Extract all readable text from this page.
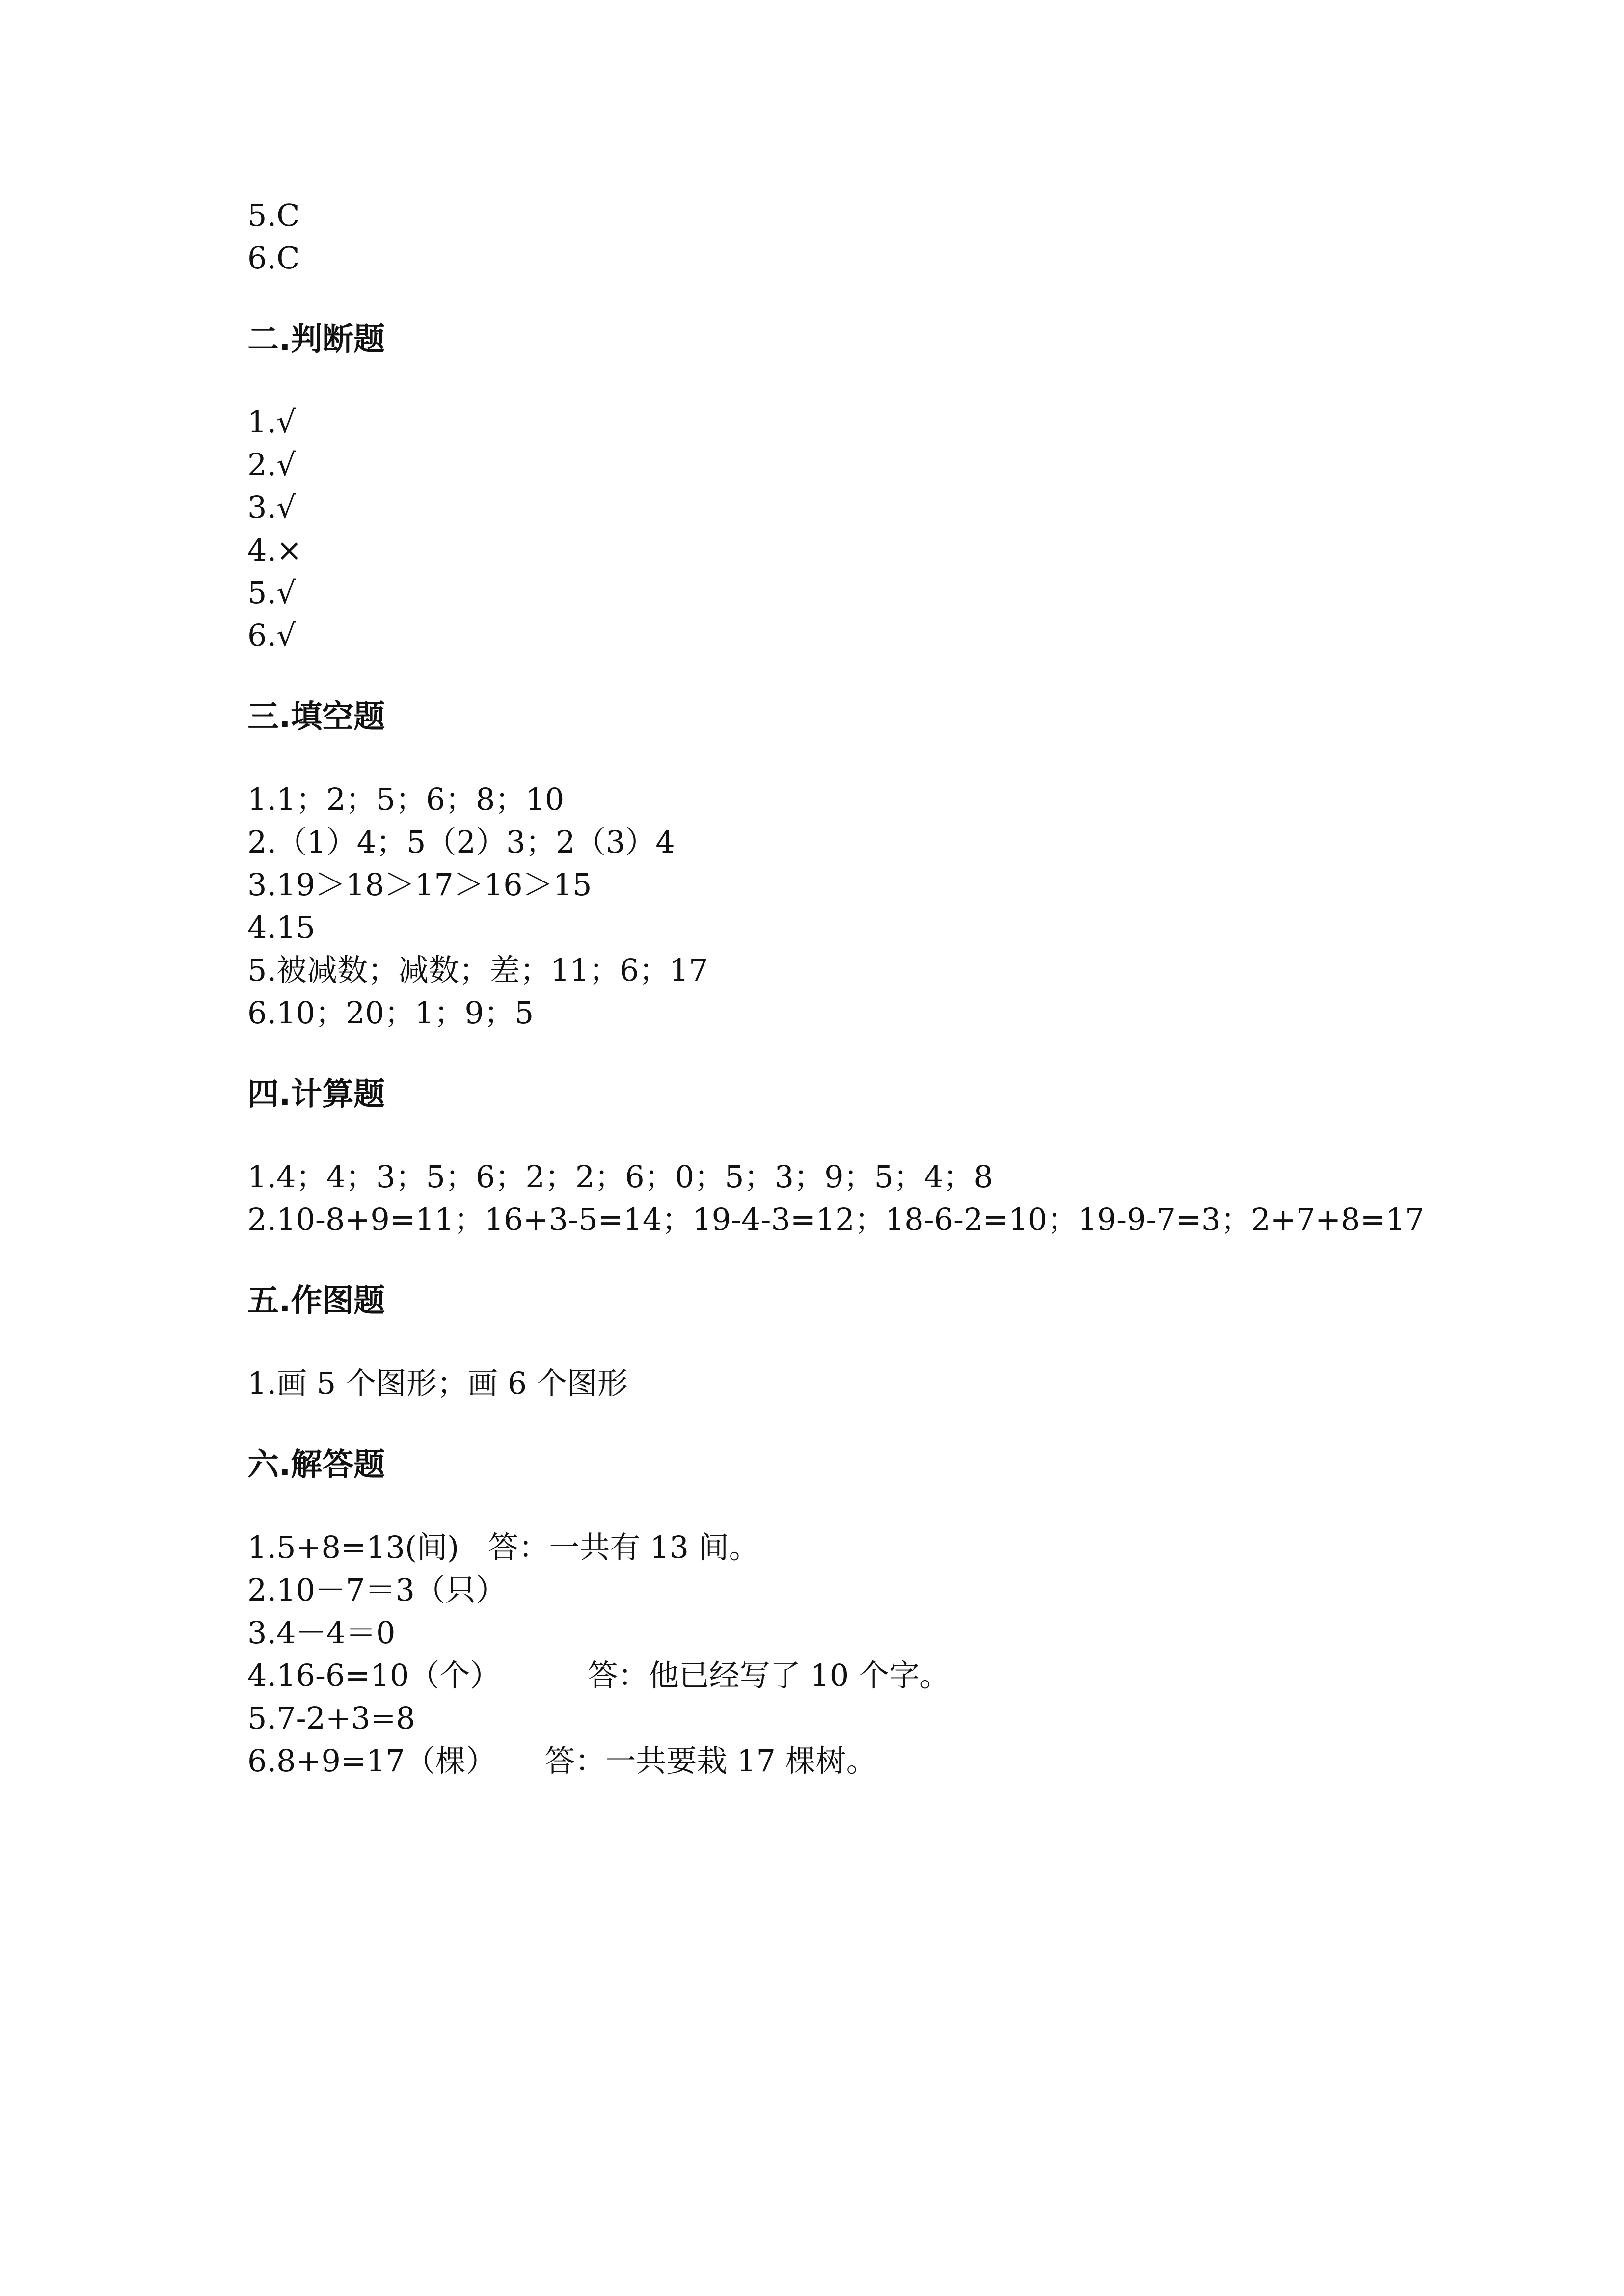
5.C
6.C
二.判断题
1.√
2.√
3.√
4.×
5.√
6.√
三.填空题
1.1；2；5；6；8；10
2.（1）4；5（2）3；2（3）4
3.19＞18＞17＞16＞15
4.15
5.被减数；减数；差；11；6；17
6.10；20；1；9；5
四.计算题
1.4；4；3；5；6；2；2；6；0；5；3；9；5；4；8
2.10-8+9=11；16+3-5=14；19-4-3=12；18-6-2=10；19-9-7=3；2+7+8=17
五.作图题
1.画 5 个图形；画 6 个图形
六.解答题
1.5+8=13(间)   答：一共有 13 间。
2.10－7＝3（只）
3.4－4＝0
4.16-6=10（个）         答：他已经写了 10 个字。
5.7-2+3=8
6.8+9=17（棵）     答：一共要栽 17 棵树。
